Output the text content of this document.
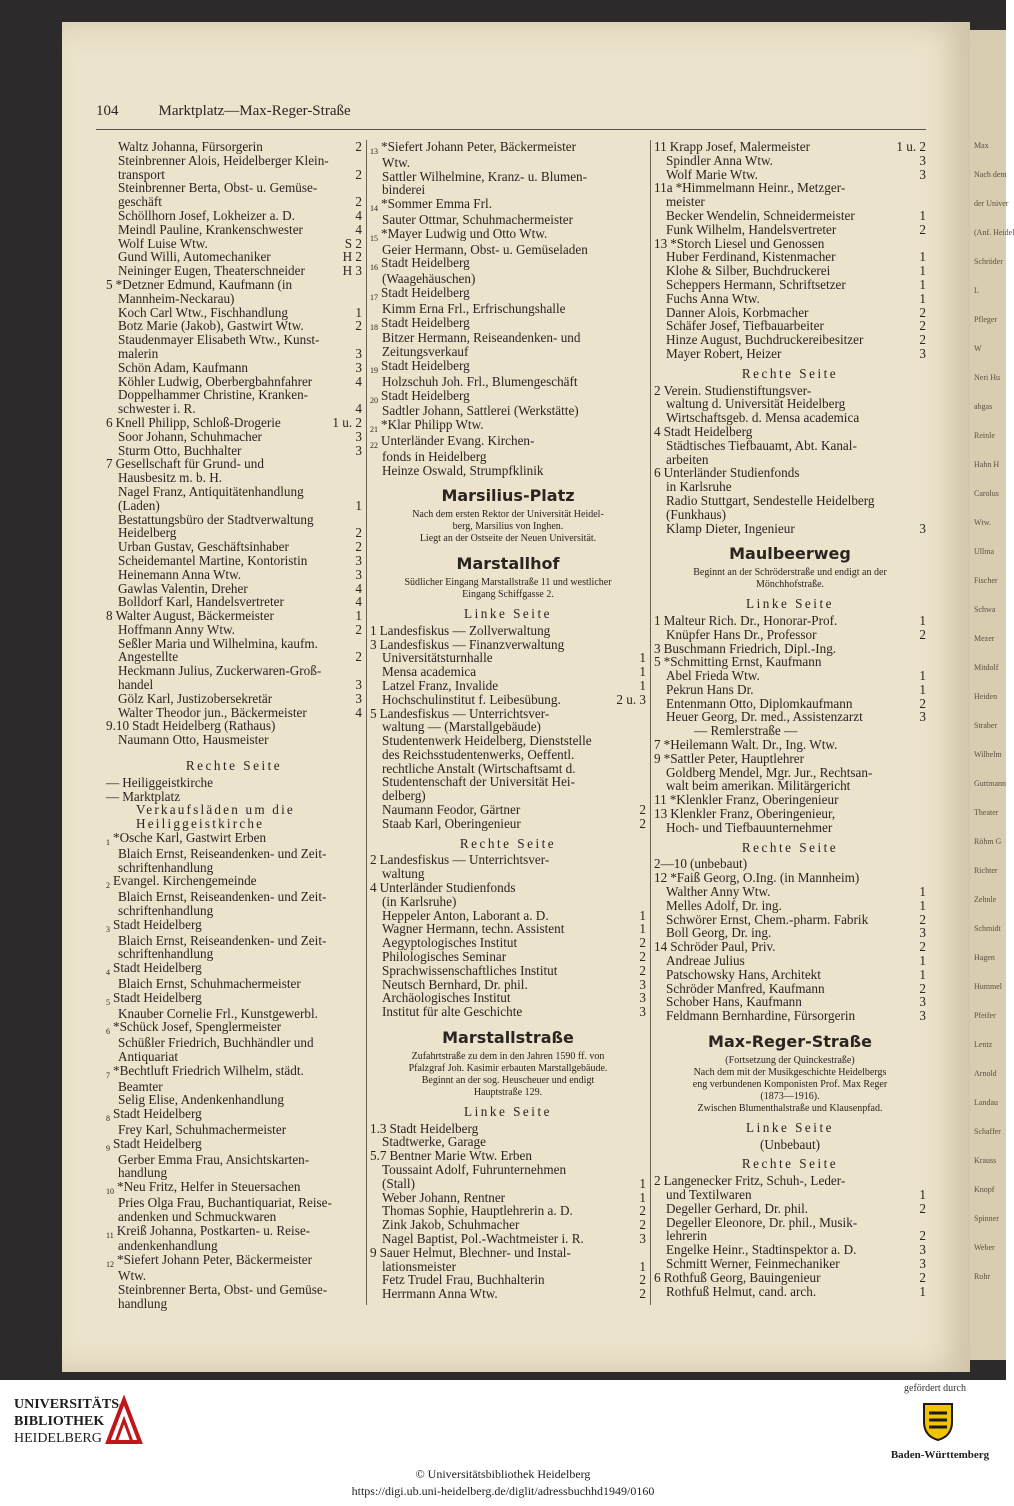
Max
Nach dem
der Univer
(Anf. Heidel
Schröder
L
Pfleger
W
Neri Hu
abgas
Reinle
Hahn H
Carolus
Wtw.
Ullma
Fischer
Schwa
Mezer
Mitdolf
Heiden
Straber
Wilhelm
Guttmann
Theater
Röhm G
Richter
Zehnle
Schmidt
Hagen
Hummel
Pfeifer
Lentz
Arnold
Landau
Schaffer
Krauss
Knopf
Spinner
Weber
Rohr
104	Marktplatz—Max-Reger-Straße
Waltz Johanna, Fürsorgerin	2
Steinbrenner Alois, Heidelberger Klein-
transport	2
Steinbrenner Berta, Obst- u. Gemüse-
geschäft	2
Schöllhorn Josef, Lokheizer a. D.	4
Meindl Pauline, Krankenschwester	4
Wolf Luise Wtw.	S 2
Gund Willi, Automechaniker	H 2
Neininger Eugen, Theaterschneider	H 3
5 *Detzner Edmund, Kaufmann (in
Mannheim-Neckarau)
Koch Carl Wtw., Fischhandlung	1
Botz Marie (Jakob), Gastwirt Wtw.	2
Staudenmayer Elisabeth Wtw., Kunst-
malerin	3
Schön Adam, Kaufmann	3
Köhler Ludwig, Oberbergbahnfahrer	4
Doppelhammer Christine, Kranken-
schwester i. R.	4
6 Knell Philipp, Schloß-Drogerie	1 u. 2
Soor Johann, Schuhmacher	3
Sturm Otto, Buchhalter	3
7 Gesellschaft für Grund- und
Hausbesitz m. b. H.
Nagel Franz, Antiquitätenhandlung
(Laden)	1
Bestattungsbüro der Stadtverwaltung
Heidelberg	2
Urban Gustav, Geschäftsinhaber	2
Scheidemantel Martine, Kontoristin	3
Heinemann Anna Wtw.	3
Gawlas Valentin, Dreher	4
Bolldorf Karl, Handelsvertreter	4
8 Walter August, Bäckermeister	1
Hoffmann Anny Wtw.	2
Seßler Maria und Wilhelmina, kaufm.
Angestellte	2
Heckmann Julius, Zuckerwaren-Groß-
handel	3
Gölz Karl, Justizobersekretär	3
Walter Theodor jun., Bäckermeister	4
9.10 Stadt Heidelberg (Rathaus)
Naumann Otto, Hausmeister
Rechte Seite
— Heiliggeistkirche
— Marktplatz
Verkaufsläden um die
Heiliggeistkirche
1 *Osche Karl, Gastwirt Erben
Blaich Ernst, Reiseandenken- und Zeit-
schriftenhandlung
2 Evangel. Kirchengemeinde
Blaich Ernst, Reiseandenken- und Zeit-
schriftenhandlung
3 Stadt Heidelberg
Blaich Ernst, Reiseandenken- und Zeit-
schriftenhandlung
4 Stadt Heidelberg
Blaich Ernst, Schuhmachermeister
5 Stadt Heidelberg
Knauber Cornelie Frl., Kunstgewerbl.
6 *Schück Josef, Spenglermeister
Schüßler Friedrich, Buchhändler und
Antiquariat
7 *Bechtluft Friedrich Wilhelm, städt.
Beamter
Selig Elise, Andenkenhandlung
8 Stadt Heidelberg
Frey Karl, Schuhmachermeister
9 Stadt Heidelberg
Gerber Emma Frau, Ansichtskarten-
handlung
10 *Neu Fritz, Helfer in Steuersachen
Pries Olga Frau, Buchantiquariat, Reise-
andenken und Schmuckwaren
11 Kreiß Johanna, Postkarten- u. Reise-
andenkenhandlung
12 *Siefert Johann Peter, Bäckermeister
Wtw.
Steinbrenner Berta, Obst- und Gemüse-
handlung
13 *Siefert Johann Peter, Bäckermeister
Wtw.
Sattler Wilhelmine, Kranz- u. Blumen-
binderei
14 *Sommer Emma Frl.
Sauter Ottmar, Schuhmachermeister
15 *Mayer Ludwig und Otto Wtw.
Geier Hermann, Obst- u. Gemüseladen
16 Stadt Heidelberg
(Waagehäuschen)
17 Stadt Heidelberg
Kimm Erna Frl., Erfrischungshalle
18 Stadt Heidelberg
Bitzer Hermann, Reiseandenken- und
Zeitungsverkauf
19 Stadt Heidelberg
Holzschuh Joh. Frl., Blumengeschäft
20 Stadt Heidelberg
Sadtler Johann, Sattlerei (Werkstätte)
21 *Klar Philipp Wtw.
22 Unterländer Evang. Kirchen-
fonds in Heidelberg
Heinze Oswald, Strumpfklinik
Marsilius-Platz
Nach dem ersten Rektor der Universität Heidel-
berg, Marsilius von Inghen.
Liegt an der Ostseite der Neuen Universität.
Marstallhof
Südlicher Eingang Marstallstraße 11 und westlicher
Eingang Schiffgasse 2.
Linke Seite
1 Landesfiskus — Zollverwaltung
3 Landesfiskus — Finanzverwaltung
Universitätsturnhalle	1
Mensa academica	1
Latzel Franz, Invalide	1
Hochschulinstitut f. Leibesübung.	2 u. 3
5 Landesfiskus — Unterrichtsver-
waltung — (Marstallgebäude)
Studentenwerk Heidelberg, Dienststelle
des Reichsstudentenwerks, Oeffentl.
rechtliche Anstalt (Wirtschaftsamt d.
Studentenschaft der Universität Hei-
delberg)
Naumann Feodor, Gärtner	2
Staab Karl, Oberingenieur	2
Rechte Seite
2 Landesfiskus — Unterrichtsver-
waltung
4 Unterländer Studienfonds
(in Karlsruhe)
Heppeler Anton, Laborant a. D.	1
Wagner Hermann, techn. Assistent	1
Aegyptologisches Institut	2
Philologisches Seminar	2
Sprachwissenschaftliches Institut	2
Neutsch Bernhard, Dr. phil.	3
Archäologisches Institut	3
Institut für alte Geschichte	3
Marstallstraße
Zufahrtstraße zu dem in den Jahren 1590 ff. von
Pfalzgraf Joh. Kasimir erbauten Marstallgebäude.
Beginnt an der sog. Heuscheuer und endigt
Hauptstraße 129.
Linke Seite
1.3 Stadt Heidelberg
Stadtwerke, Garage
5.7 Bentner Marie Wtw. Erben
Toussaint Adolf, Fuhrunternehmen
(Stall)	1
Weber Johann, Rentner	1
Thomas Sophie, Hauptlehrerin a. D.	2
Zink Jakob, Schuhmacher	2
Nagel Baptist, Pol.-Wachtmeister i. R.	3
9 Sauer Helmut, Blechner- und Instal-
lationsmeister	1
Fetz Trudel Frau, Buchhalterin	2
Herrmann Anna Wtw.	2
11 Krapp Josef, Malermeister	1 u. 2
Spindler Anna Wtw.	3
Wolf Marie Wtw.	3
11a *Himmelmann Heinr., Metzger-
meister
Becker Wendelin, Schneidermeister	1
Funk Wilhelm, Handelsvertreter	2
13 *Storch Liesel und Genossen
Huber Ferdinand, Kistenmacher	1
Klohe & Silber, Buchdruckerei	1
Scheppers Hermann, Schriftsetzer	1
Fuchs Anna Wtw.	1
Danner Alois, Korbmacher	2
Schäfer Josef, Tiefbauarbeiter	2
Hinze August, Buchdruckereibesitzer	2
Mayer Robert, Heizer	3
Rechte Seite
2 Verein. Studienstiftungsver-
waltung d. Universität Heidelberg
Wirtschaftsgeb. d. Mensa academica
4 Stadt Heidelberg
Städtisches Tiefbauamt, Abt. Kanal-
arbeiten
6 Unterländer Studienfonds
in Karlsruhe
Radio Stuttgart, Sendestelle Heidelberg
(Funkhaus)
Klamp Dieter, Ingenieur	3
Maulbeerweg
Beginnt an der Schröderstraße und endigt an der
Mönchhofstraße.
Linke Seite
1 Malteur Rich. Dr., Honorar-Prof.	1
Knüpfer Hans Dr., Professor	2
3 Buschmann Friedrich, Dipl.-Ing.
5 *Schmitting Ernst, Kaufmann
Abel Frieda Wtw.	1
Pekrun Hans Dr.	1
Entenmann Otto, Diplomkaufmann	2
Heuer Georg, Dr. med., Assistenzarzt	3
— Remlerstraße —
7 *Heilemann Walt. Dr., Ing. Wtw.
9 *Sattler Peter, Hauptlehrer
Goldberg Mendel, Mgr. Jur., Rechtsan-
walt beim amerikan. Militärgericht
11 *Klenkler Franz, Oberingenieur
13 Klenkler Franz, Oberingenieur,
Hoch- und Tiefbauunternehmer
Rechte Seite
2—10 (unbebaut)
12 *Faiß Georg, O.Ing. (in Mannheim)
Walther Anny Wtw.	1
Melles Adolf, Dr. ing.	1
Schwörer Ernst, Chem.-pharm. Fabrik	2
Boll Georg, Dr. ing.	3
14 Schröder Paul, Priv.	2
Andreae Julius	1
Patschowsky Hans, Architekt	1
Schröder Manfred, Kaufmann	2
Schober Hans, Kaufmann	3
Feldmann Bernhardine, Fürsorgerin	3
Max-Reger-Straße
(Fortsetzung der Quinckestraße)
Nach dem mit der Musikgeschichte Heidelbergs
eng verbundenen Komponisten Prof. Max Reger
(1873—1916).
Zwischen Blumenthalstraße und Klausenpfad.
Linke Seite
(Unbebaut)
Rechte Seite
2 Langenecker Fritz, Schuh-, Leder-
und Textilwaren	1
Degeller Gerhard, Dr. phil.	2
Degeller Eleonore, Dr. phil., Musik-
lehrerin	2
Engelke Heinr., Stadtinspektor a. D.	3
Schmitt Werner, Feinmechaniker	3
6 Rothfuß Georg, Bauingenieur	2
Rothfuß Helmut, cand. arch.	1
UNIVERSITÄTS-
BIBLIOTHEK
HEIDELBERG
© Universitätsbibliothek Heidelberg
https://digi.ub.uni-heidelberg.de/diglit/adressbuchhd1949/0160
gefördert durch
Baden-Württemberg
